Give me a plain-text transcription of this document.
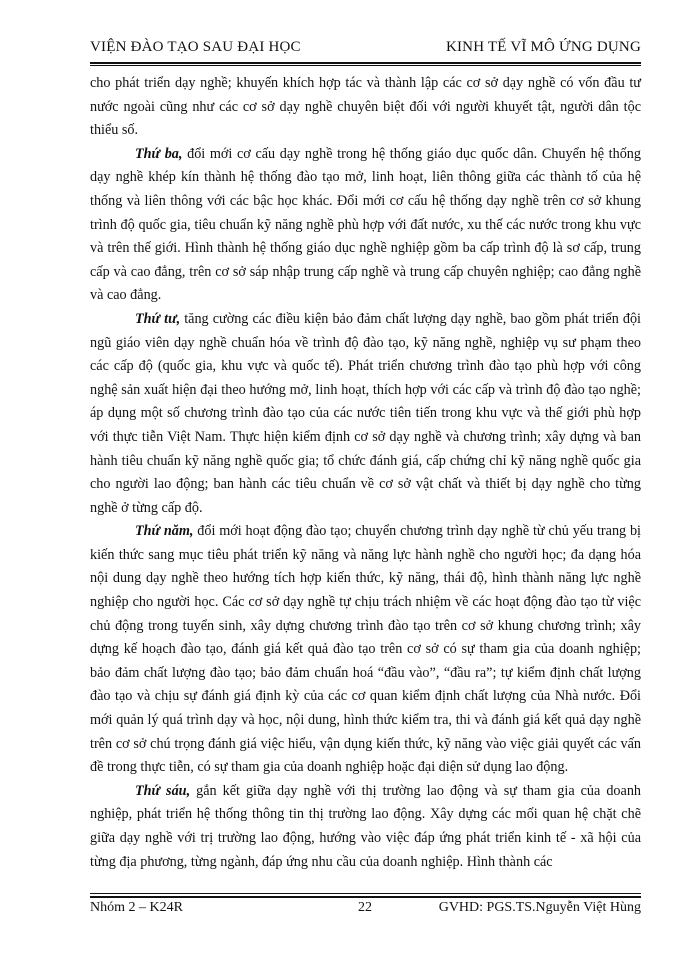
VIỆN ĐÀO TẠO SAU ĐẠI HỌC	KINH TẾ VĨ MÔ ỨNG DỤNG

cho phát triển dạy nghề; khuyến khích hợp tác và thành lập các cơ sở dạy nghề có vốn đầu tư nước ngoài cũng như các cơ sở dạy nghề chuyên biệt đối với người khuyết tật, người dân tộc thiểu số.

Thứ ba, đổi mới cơ cấu dạy nghề trong hệ thống giáo dục quốc dân. Chuyển hệ thống dạy nghề khép kín thành hệ thống đào tạo mở, linh hoạt, liên thông giữa các thành tố của hệ thống và liên thông với các bậc học khác. Đổi mới cơ cấu hệ thống dạy nghề trên cơ sở khung trình độ quốc gia, tiêu chuẩn kỹ năng nghề phù hợp với đất nước, xu thế các nước trong khu vực và trên thế giới. Hình thành hệ thống giáo dục nghề nghiệp gồm ba cấp trình độ là sơ cấp, trung cấp và cao đẳng, trên cơ sở sáp nhập trung cấp nghề và trung cấp chuyên nghiệp; cao đẳng nghề và cao đẳng.

Thứ tư, tăng cường các điều kiện bảo đảm chất lượng dạy nghề, bao gồm phát triển đội ngũ giáo viên dạy nghề chuẩn hóa về trình độ đào tạo, kỹ năng nghề, nghiệp vụ sư phạm theo các cấp độ (quốc gia, khu vực và quốc tế). Phát triển chương trình đào tạo phù hợp với công nghệ sản xuất hiện đại theo hướng mở, linh hoạt, thích hợp với các cấp và trình độ đào tạo nghề; áp dụng một số chương trình đào tạo của các nước tiên tiến trong khu vực và thế giới phù hợp với thực tiễn Việt Nam. Thực hiện kiểm định cơ sở dạy nghề và chương trình; xây dựng và ban hành tiêu chuẩn kỹ năng nghề quốc gia; tổ chức đánh giá, cấp chứng chỉ kỹ năng nghề quốc gia cho người lao động; ban hành các tiêu chuẩn về cơ sở vật chất và thiết bị dạy nghề cho từng nghề ở từng cấp độ.

Thứ năm, đổi mới hoạt động đào tạo; chuyển chương trình dạy nghề từ chủ yếu trang bị kiến thức sang mục tiêu phát triển kỹ năng và năng lực hành nghề cho người học; đa dạng hóa nội dung dạy nghề theo hướng tích hợp kiến thức, kỹ năng, thái độ, hình thành năng lực nghề nghiệp cho người học. Các cơ sở dạy nghề tự chịu trách nhiệm về các hoạt động đào tạo từ việc chủ động trong tuyển sinh, xây dựng chương trình đào tạo trên cơ sở khung chương trình; xây dựng kế hoạch đào tạo, đánh giá kết quả đào tạo trên cơ sở có sự tham gia của doanh nghiệp; bảo đảm chất lượng đào tạo; bảo đảm chuẩn hoá “đầu vào”, “đầu ra”; tự kiểm định chất lượng đào tạo và chịu sự đánh giá định kỳ của các cơ quan kiểm định chất lượng của Nhà nước. Đổi mới quản lý quá trình dạy và học, nội dung, hình thức kiểm tra, thi và đánh giá kết quả dạy nghề trên cơ sở chú trọng đánh giá việc hiểu, vận dụng kiến thức, kỹ năng vào việc giải quyết các vấn đề trong thực tiễn, có sự tham gia của doanh nghiệp hoặc đại diện sử dụng lao động.

Thứ sáu, gắn kết giữa dạy nghề với thị trường lao động và sự tham gia của doanh nghiệp, phát triển hệ thống thông tin thị trường lao động. Xây dựng các mối quan hệ chặt chẽ giữa dạy nghề với trị trường lao động, hướng vào việc đáp ứng phát triển kinh tế - xã hội của từng địa phương, từng ngành, đáp ứng nhu cầu của doanh nghiệp. Hình thành các

Nhóm 2 – K24R	22	GVHD: PGS.TS.Nguyễn Việt Hùng
